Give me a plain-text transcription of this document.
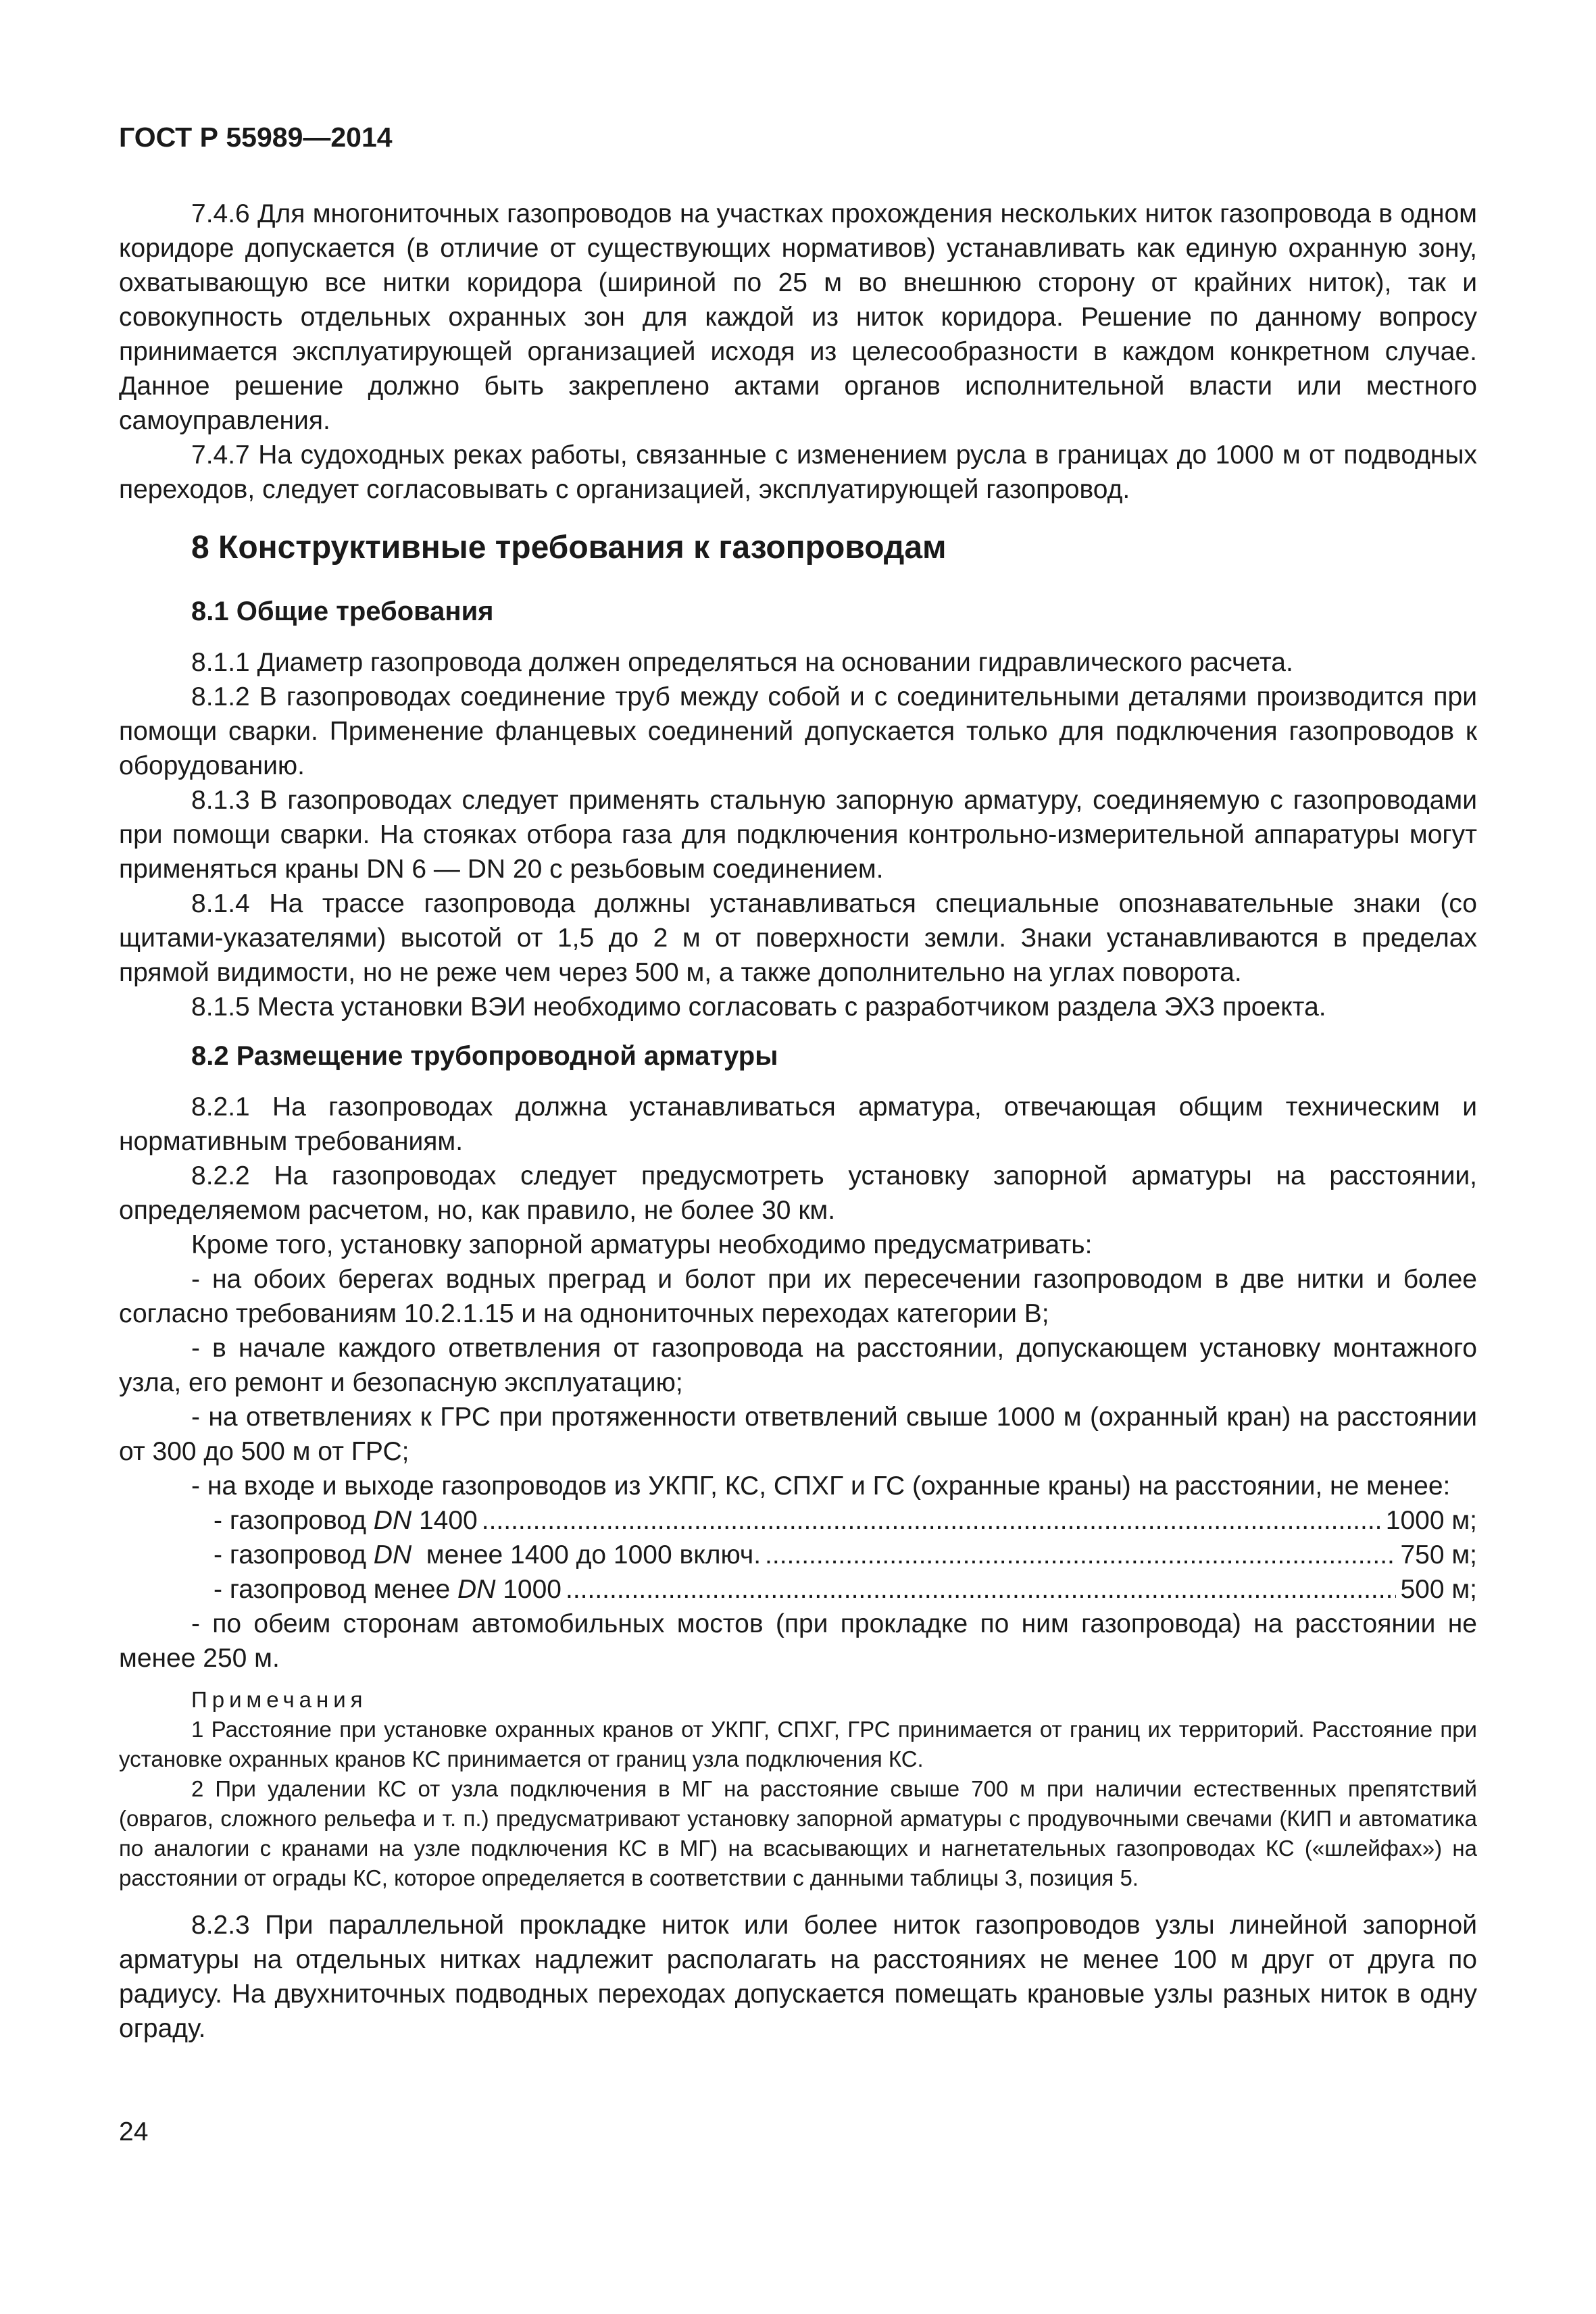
ГОСТ Р 55989—2014

7.4.6 Для многониточных газопроводов на участках прохождения нескольких ниток газопровода в одном коридоре допускается (в отличие от существующих нормативов) устанавливать как единую охранную зону, охватывающую все нитки коридора (шириной по 25 м во внешнюю сторону от крайних ниток), так и совокупность отдельных охранных зон для каждой из ниток коридора. Решение по данному вопросу принимается эксплуатирующей организацией исходя из целесообразности в каждом конкретном случае. Данное решение должно быть закреплено актами органов исполнительной власти или местного самоуправления.

7.4.7 На судоходных реках работы, связанные с изменением русла в границах до 1000 м от подводных переходов, следует согласовывать с организацией, эксплуатирующей газопровод.

8 Конструктивные требования к газопроводам
8.1 Общие требования

8.1.1 Диаметр газопровода должен определяться на основании гидравлического расчета.

8.1.2 В газопроводах соединение труб между собой и с соединительными деталями производится при помощи сварки. Применение фланцевых соединений допускается только для подключения газопроводов к оборудованию.

8.1.3 В газопроводах следует применять стальную запорную арматуру, соединяемую с газопроводами при помощи сварки. На стояках отбора газа для подключения контрольно-измерительной аппаратуры могут применяться краны DN 6 — DN 20 с резьбовым соединением.

8.1.4 На трассе газопровода должны устанавливаться специальные опознавательные знаки (со щитами-указателями) высотой от 1,5 до 2 м от поверхности земли. Знаки устанавливаются в пределах прямой видимости, но не реже чем через 500 м, а также дополнительно на углах поворота.

8.1.5 Места установки ВЭИ необходимо согласовать с разработчиком раздела ЭХЗ проекта.

8.2 Размещение трубопроводной арматуры

8.2.1 На газопроводах должна устанавливаться арматура, отвечающая общим техническим и нормативным требованиям.

8.2.2 На газопроводах следует предусмотреть установку запорной арматуры на расстоянии, определяемом расчетом, но, как правило, не более 30 км.

Кроме того, установку запорной арматуры необходимо предусматривать:

- на обоих берегах водных преград и болот при их пересечении газопроводом в две нитки и более согласно требованиям 10.2.1.15 и на однониточных переходах категории В;

- в начале каждого ответвления от газопровода на расстоянии, допускающем установку монтажного узла, его ремонт и безопасную эксплуатацию;

- на ответвлениях к ГРС при протяженности ответвлений свыше 1000 м (охранный кран) на расстоянии от 300 до 500 м от ГРС;

- на входе и выходе газопроводов из УКПГ, КС, СПХГ и ГС (охранные краны) на расстоянии, не менее:

- газопровод DN 1400 .....	1000 м;
- газопровод DN  менее 1400 до 1000 включ. .....	750 м;
- газопровод менее DN 1000 .....	500 м;

- по обеим сторонам автомобильных мостов (при прокладке по ним газопровода) на расстоянии не менее 250 м.

Примечания

1 Расстояние при установке охранных кранов от УКПГ, СПХГ, ГРС принимается от границ их территорий. Расстояние при установке охранных кранов КС принимается от границ узла подключения КС.

2 При удалении КС от узла подключения в МГ на расстояние свыше 700 м при наличии естественных препятствий (оврагов, сложного рельефа и т. п.) предусматривают установку запорной арматуры с продувочными свечами (КИП и автоматика по аналогии с кранами на узле подключения КС в МГ) на всасывающих и нагнетательных газопроводах КС («шлейфах») на расстоянии от ограды КС, которое определяется в соответствии с данными таблицы 3, позиция 5.

8.2.3 При параллельной прокладке ниток или более ниток газопроводов узлы линейной запорной арматуры на отдельных нитках надлежит располагать на расстояниях не менее 100 м друг от друга по радиусу. На двухниточных подводных переходах допускается помещать крановые узлы разных ниток в одну ограду.

24
